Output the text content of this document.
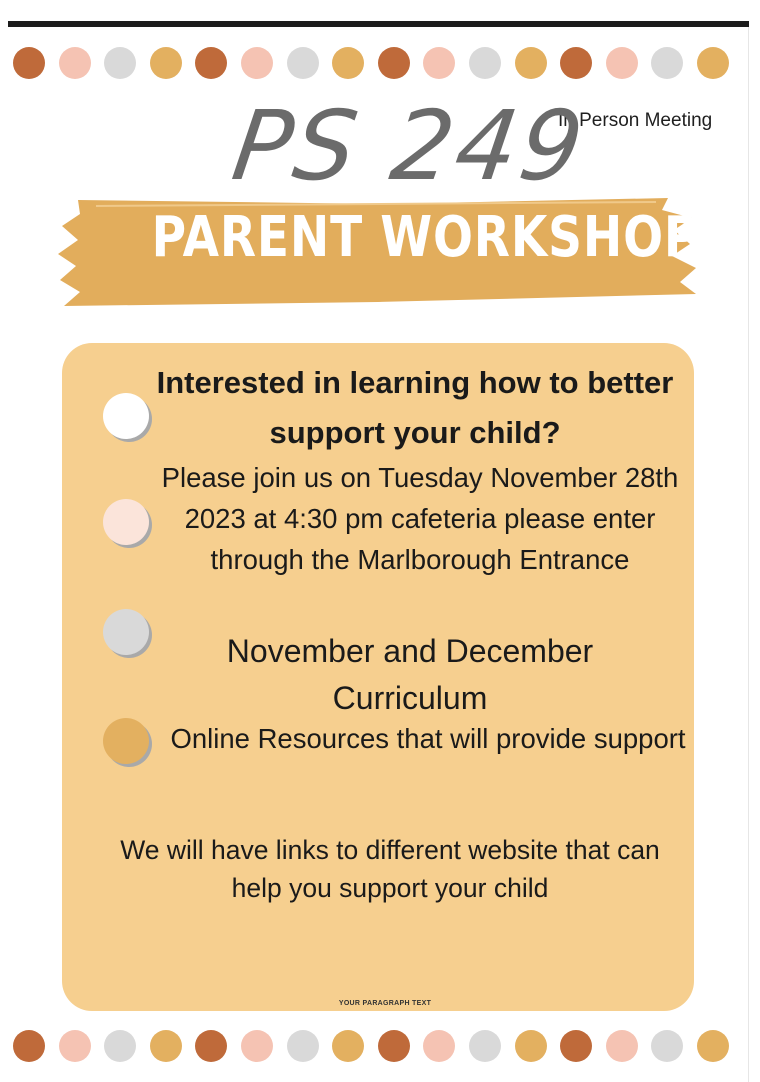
In Person Meeting
PS 249
PARENT WORKSHOP
Interested in learning how to better support your child?
Please join us on Tuesday November 28th 2023 at 4:30 pm cafeteria please enter through the Marlborough Entrance
November and December Curriculum
Online Resources that will provide support
We will have links to different website that can help you support your child
YOUR PARAGRAPH TEXT
